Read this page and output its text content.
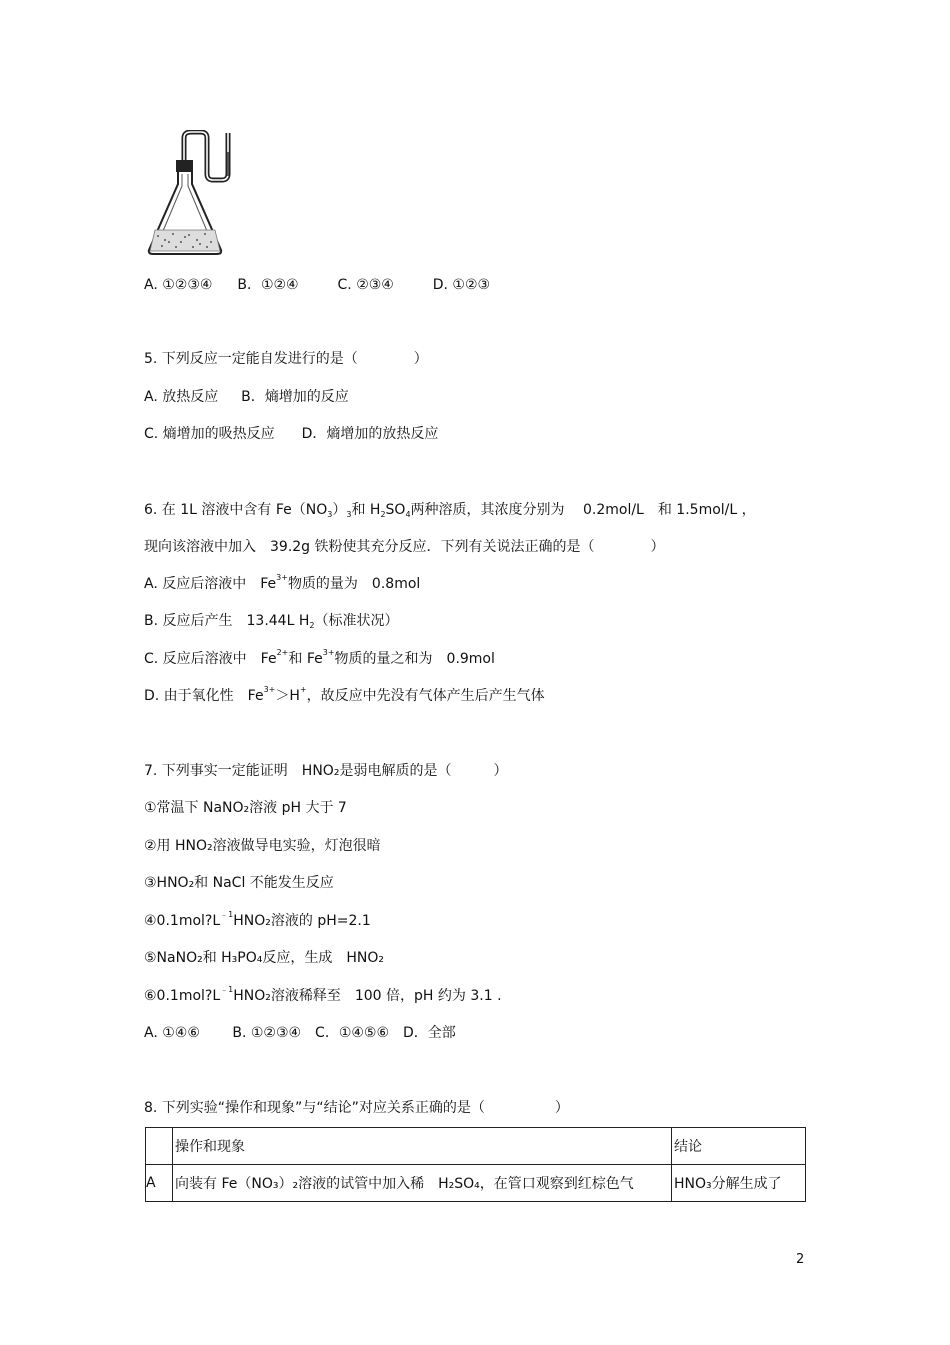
A. ①②③④ B．①②④	C. ②③④	D. ①②③
5. 下列反应一定能自发进行的是（　　　　）
A. 放热反应 B．熵增加的反应
C. 熵增加的吸热反应 D．熵增加的放热反应
6. 在 1L 溶液中含有 $Fe(NO_3)_3$和 $H_2SO_4$两种溶质，其浓度分别为　 0.2mol/L　和 1.5mol/L ，
现向该溶液中加入　39.2g 铁粉使其充分反应．下列有关说法正确的是（　　　　）
A. 反应后溶液中　$Fe^{3+}$物质的量为　0.8mol
B. 反应后产生　13.44L $H_2$（标准状况）
C. 反应后溶液中　$Fe^{2+}$和 $Fe^{3+}$物质的量之和为　0.9mol
D. 由于氧化性　$Fe^{3+}>H^+$，故反应中先没有气体产生后产生气体
7. 下列事实一定能证明　HNO₂是弱电解质的是（　　　）
①常温下 NaNO₂溶液 pH 大于 7
②用 HNO₂溶液做导电实验，灯泡很暗
③HNO₂和 NaCl 不能发生反应
$④0.1mol?L^{﹣1}HNO_2$溶液的 pH=2.1
⑤NaNO₂和 H₃PO₄反应，生成　HNO₂
$⑥0.1mol?L^{﹣1}HNO_2$溶液稀释至　100 倍，pH 约为 3.1 .
A. ①④⑥　　 B. ①②③④　C．①④⑤⑥　D．全部
8. 下列实验“操作和现象”与“结论”对应关系正确的是（　　　　　）
	操作和现象	结论
A	向装有 Fe（NO₃）₂溶液的试管中加入稀　H₂SO₄，在管口观察到红棕色气	HNO₃分解生成了
2
